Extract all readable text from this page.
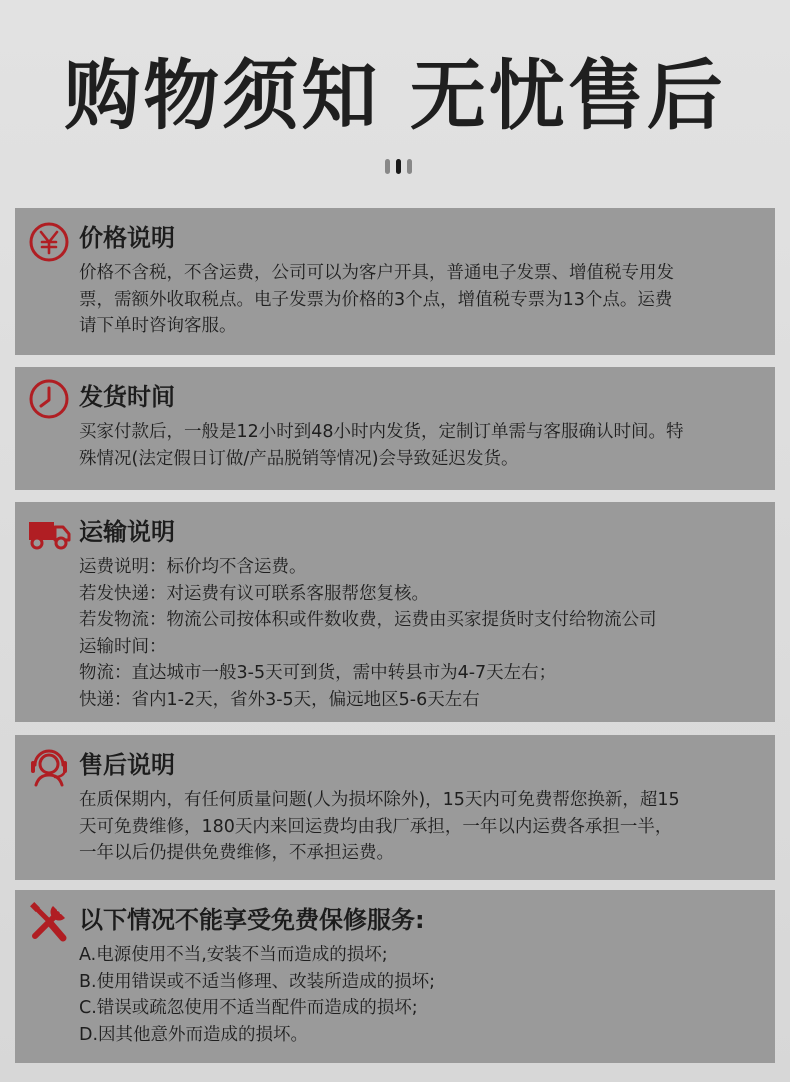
购物须知 无忧售后
价格说明
价格不含税，不含运费，公司可以为客户开具，普通电子发票、增值税专用发
票，需额外收取税点。电子发票为价格的3个点，增值税专票为13个点。运费
请下单时咨询客服。
发货时间
买家付款后，一般是12小时到48小时内发货，定制订单需与客服确认时间。特
殊情况(法定假日订做/产品脱销等情况)会导致延迟发货。
运输说明
运费说明：标价均不含运费。
若发快递：对运费有议可联系客服帮您复核。
若发物流：物流公司按体积或件数收费，运费由买家提货时支付给物流公司
运输时间：
物流：直达城市一般3-5天可到货，需中转县市为4-7天左右；
快递：省内1-2天，省外3-5天，偏远地区5-6天左右
售后说明
在质保期内，有任何质量问题(人为损坏除外)，15天内可免费帮您换新，超15
天可免费维修，180天内来回运费均由我厂承担，一年以内运费各承担一半，
一年以后仍提供免费维修，不承担运费。
以下情况不能享受免费保修服务:
A.电源使用不当,安装不当而造成的损坏;
B.使用错误或不适当修理、改装所造成的损坏;
C.错误或疏忽使用不适当配件而造成的损坏;
D.因其他意外而造成的损坏。
